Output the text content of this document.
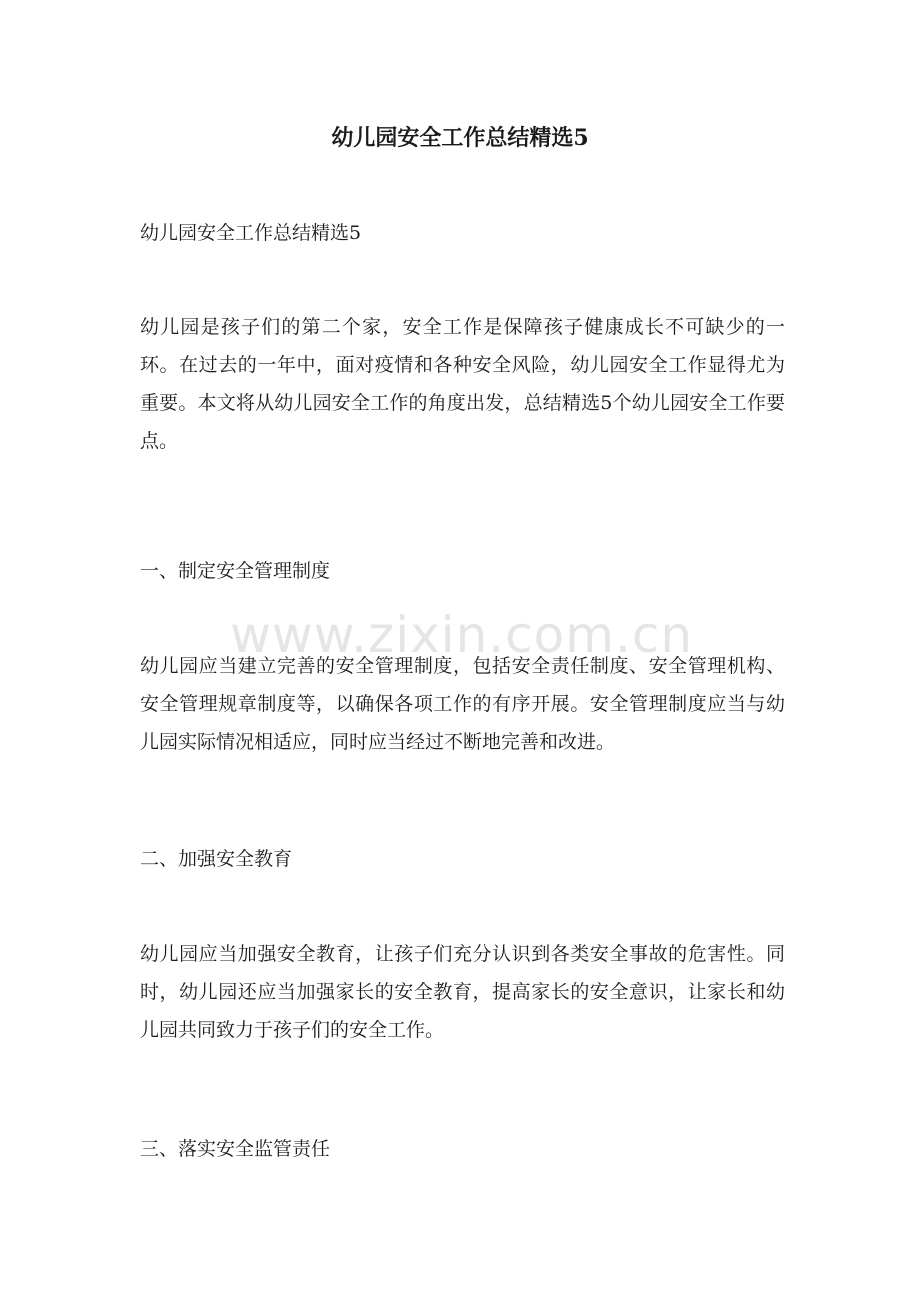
幼儿园安全工作总结精选5

幼儿园安全工作总结精选5

幼儿园是孩子们的第二个家，安全工作是保障孩子健康成长不可缺少的一环。在过去的一年中，面对疫情和各种安全风险，幼儿园安全工作显得尤为重要。本文将从幼儿园安全工作的角度出发，总结精选5个幼儿园安全工作要点。

一、制定安全管理制度

幼儿园应当建立完善的安全管理制度，包括安全责任制度、安全管理机构、安全管理规章制度等，以确保各项工作的有序开展。安全管理制度应当与幼儿园实际情况相适应，同时应当经过不断地完善和改进。

二、加强安全教育

幼儿园应当加强安全教育，让孩子们充分认识到各类安全事故的危害性。同时，幼儿园还应当加强家长的安全教育，提高家长的安全意识，让家长和幼儿园共同致力于孩子们的安全工作。

三、落实安全监管责任

www.zixin.com.cn
